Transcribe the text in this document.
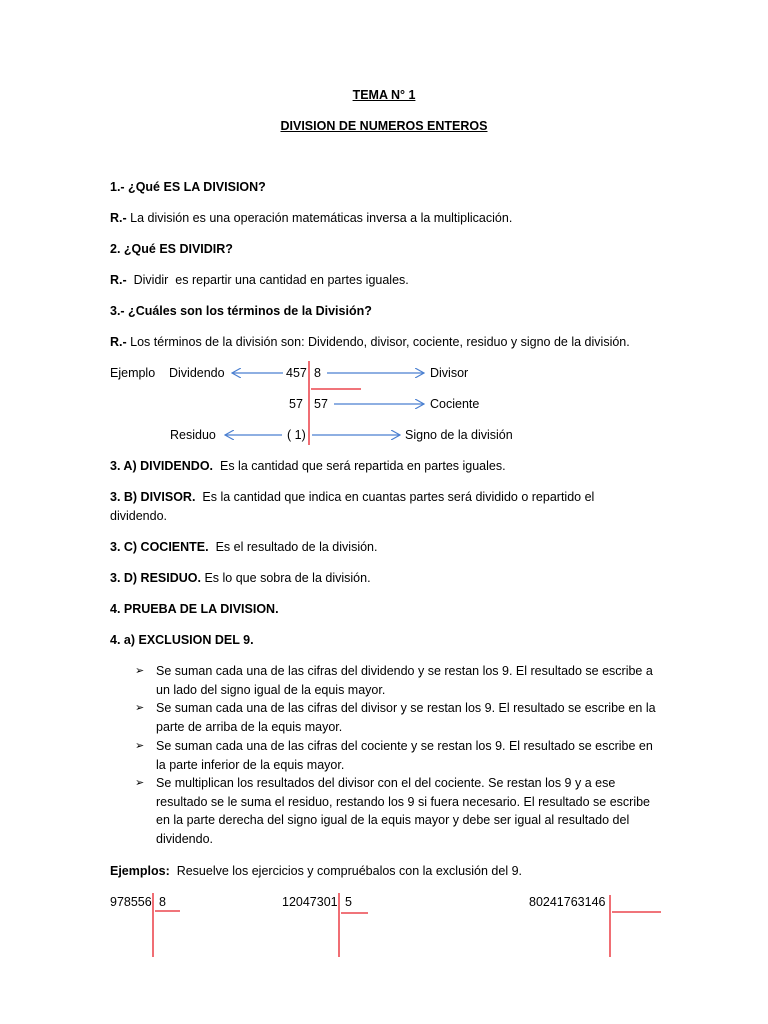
TEMA N° 1
DIVISION DE NUMEROS ENTEROS
1.- ¿Qué ES LA DIVISION?
R.- La división es una operación matemáticas inversa a la multiplicación.
2. ¿Qué ES DIVIDIR?
R.-  Dividir  es repartir una cantidad en partes iguales.
3.- ¿Cuáles son los términos de la División?
R.- Los términos de la división son: Dividendo, divisor, cociente, residuo y signo de la división.
Ejemplo Dividendo	457 8	Divisor
57 57	Cociente
Residuo	( 1)	Signo de la división
3. A) DIVIDENDO.  Es la cantidad que será repartida en partes iguales.
3. B) DIVISOR.  Es la cantidad que indica en cuantas partes será dividido o repartido el
dividendo.
3. C) COCIENTE.  Es el resultado de la división.
3. D) RESIDUO. Es lo que sobra de la división.
4. PRUEBA DE LA DIVISION.
4. a) EXCLUSION DEL 9.
➢ Se suman cada una de las cifras del dividendo y se restan los 9. El resultado se escribe a un lado del signo igual de la equis mayor.
➢ Se suman cada una de las cifras del divisor y se restan los 9. El resultado se escribe en la parte de arriba de la equis mayor.
➢ Se suman cada una de las cifras del cociente y se restan los 9. El resultado se escribe en la parte inferior de la equis mayor.
➢ Se multiplican los resultados del divisor con el del cociente. Se restan los 9 y a ese resultado se le suma el residuo, restando los 9 si fuera necesario. El resultado se escribe en la parte derecha del signo igual de la equis mayor y debe ser igual al resultado del dividendo.
Ejemplos:  Resuelve los ejercicios y compruébalos con la exclusión del 9.
978556 8	12047301 5	80241763146
